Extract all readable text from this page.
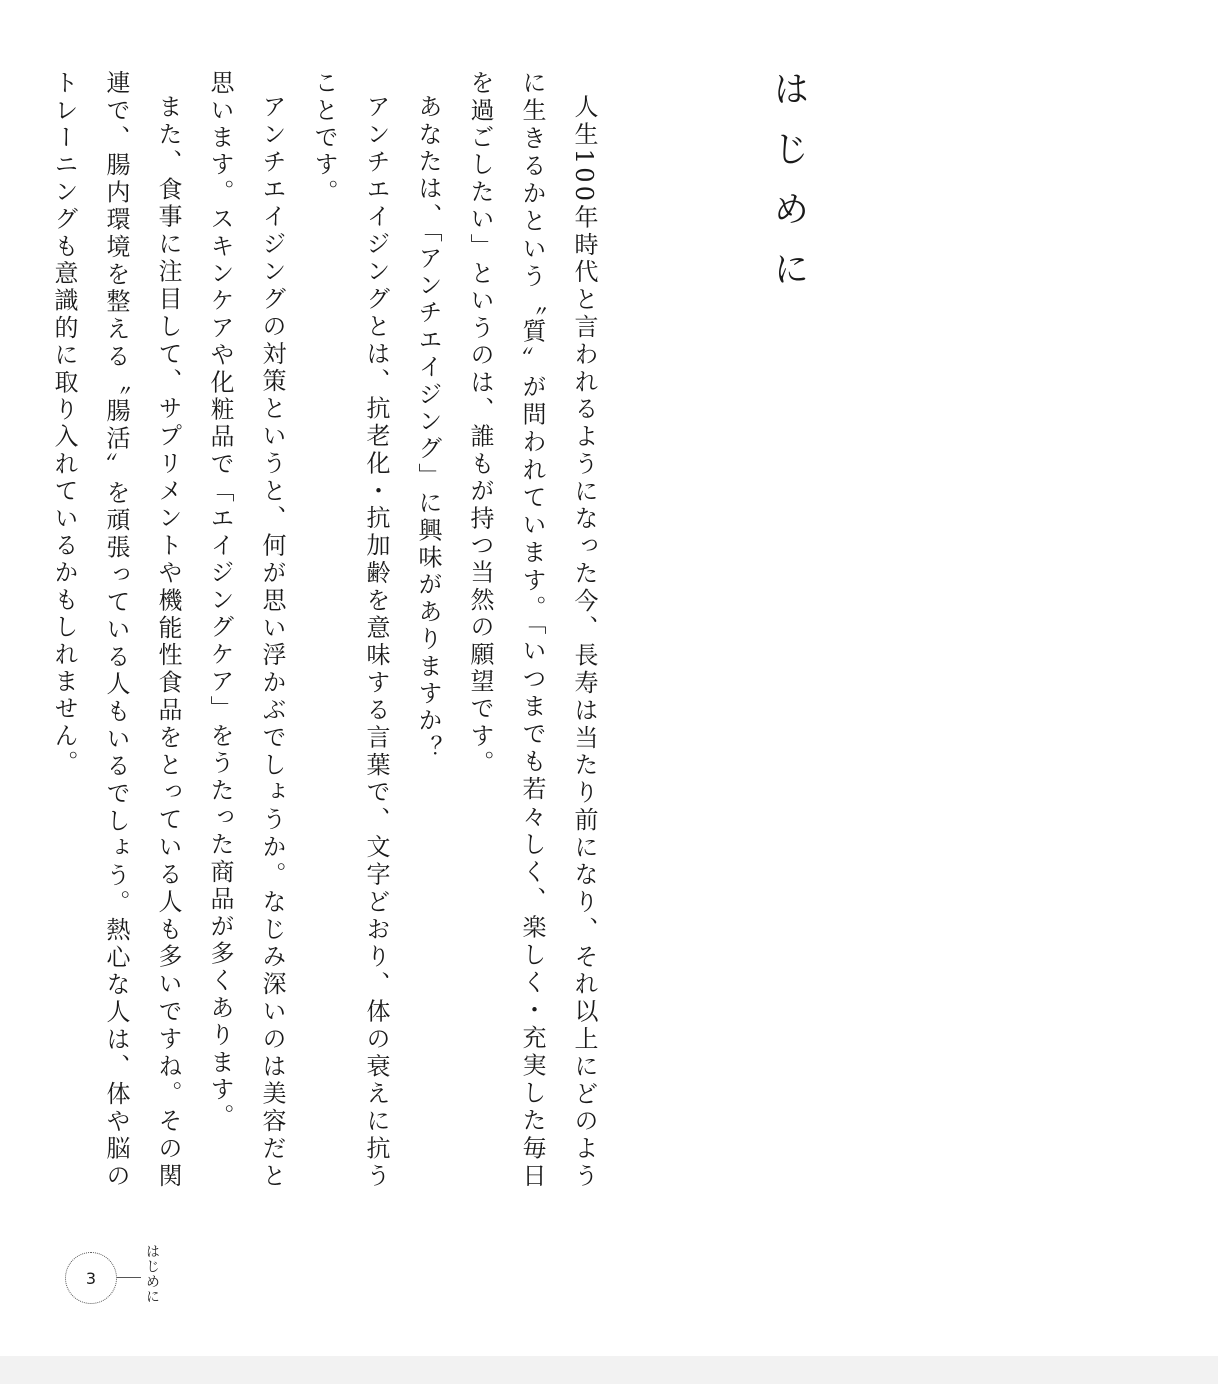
はじめに

人生100年時代と言われるようになった今、長寿は当たり前になり、それ以上にどのように生きるかという〝質〟が問われています。「いつまでも若々しく、楽しく・充実した毎日を過ごしたい」というのは、誰もが持つ当然の願望です。

あなたは、「アンチエイジング」に興味がありますか？

アンチエイジングとは、抗老化・抗加齢を意味する言葉で、文字どおり、体の衰えに抗うことです。

アンチエイジングの対策というと、何が思い浮かぶでしょうか。なじみ深いのは美容だと思います。スキンケアや化粧品で「エイジングケア」をうたった商品が多くあります。

また、食事に注目して、サプリメントや機能性食品をとっている人も多いですね。その関連で、腸内環境を整える〝腸活〟を頑張っている人もいるでしょう。熱心な人は、体や脳のトレーニングも意識的に取り入れているかもしれません。

3	はじめに
